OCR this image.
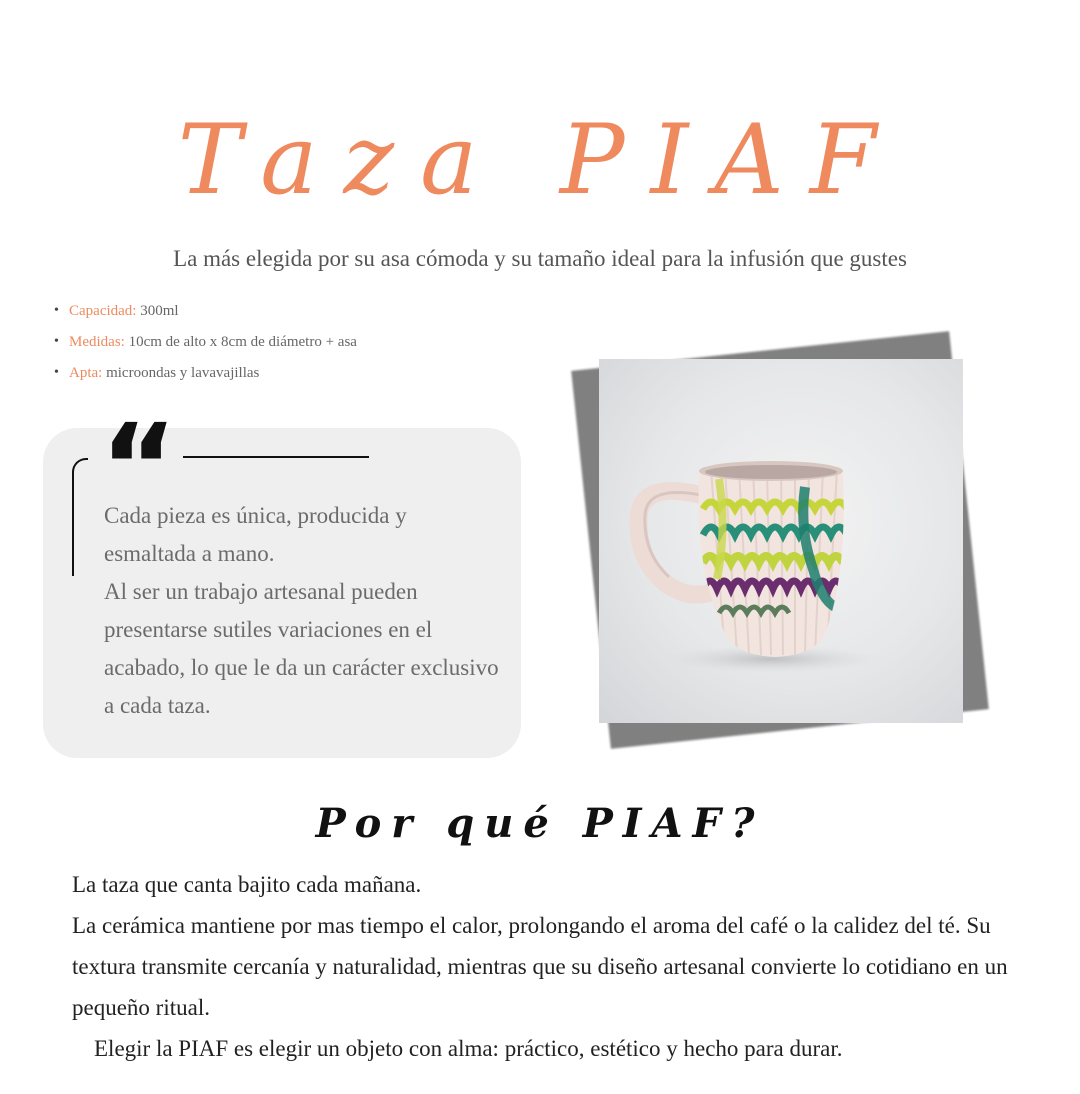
Taza PIAF

La más elegida por su asa cómoda y su tamaño ideal para la infusión que gustes

• Capacidad: 300ml
• Medidas: 10cm de alto x 8cm de diámetro + asa
• Apta: microondas y lavavajillas
“

Cada pieza es única, producida y esmaltada a mano.

Al ser un trabajo artesanal pueden presentarse sutiles variaciones en el acabado, lo que le da un carácter exclusivo a cada taza.

Por qué PIAF?

La taza que canta bajito cada mañana.

La cerámica mantiene por mas tiempo el calor, prolongando el aroma del café o la calidez del té. Su textura transmite cercanía y naturalidad, mientras que su diseño artesanal convierte lo cotidiano en un pequeño ritual.

Elegir la PIAF es elegir un objeto con alma: práctico, estético y hecho para durar.
